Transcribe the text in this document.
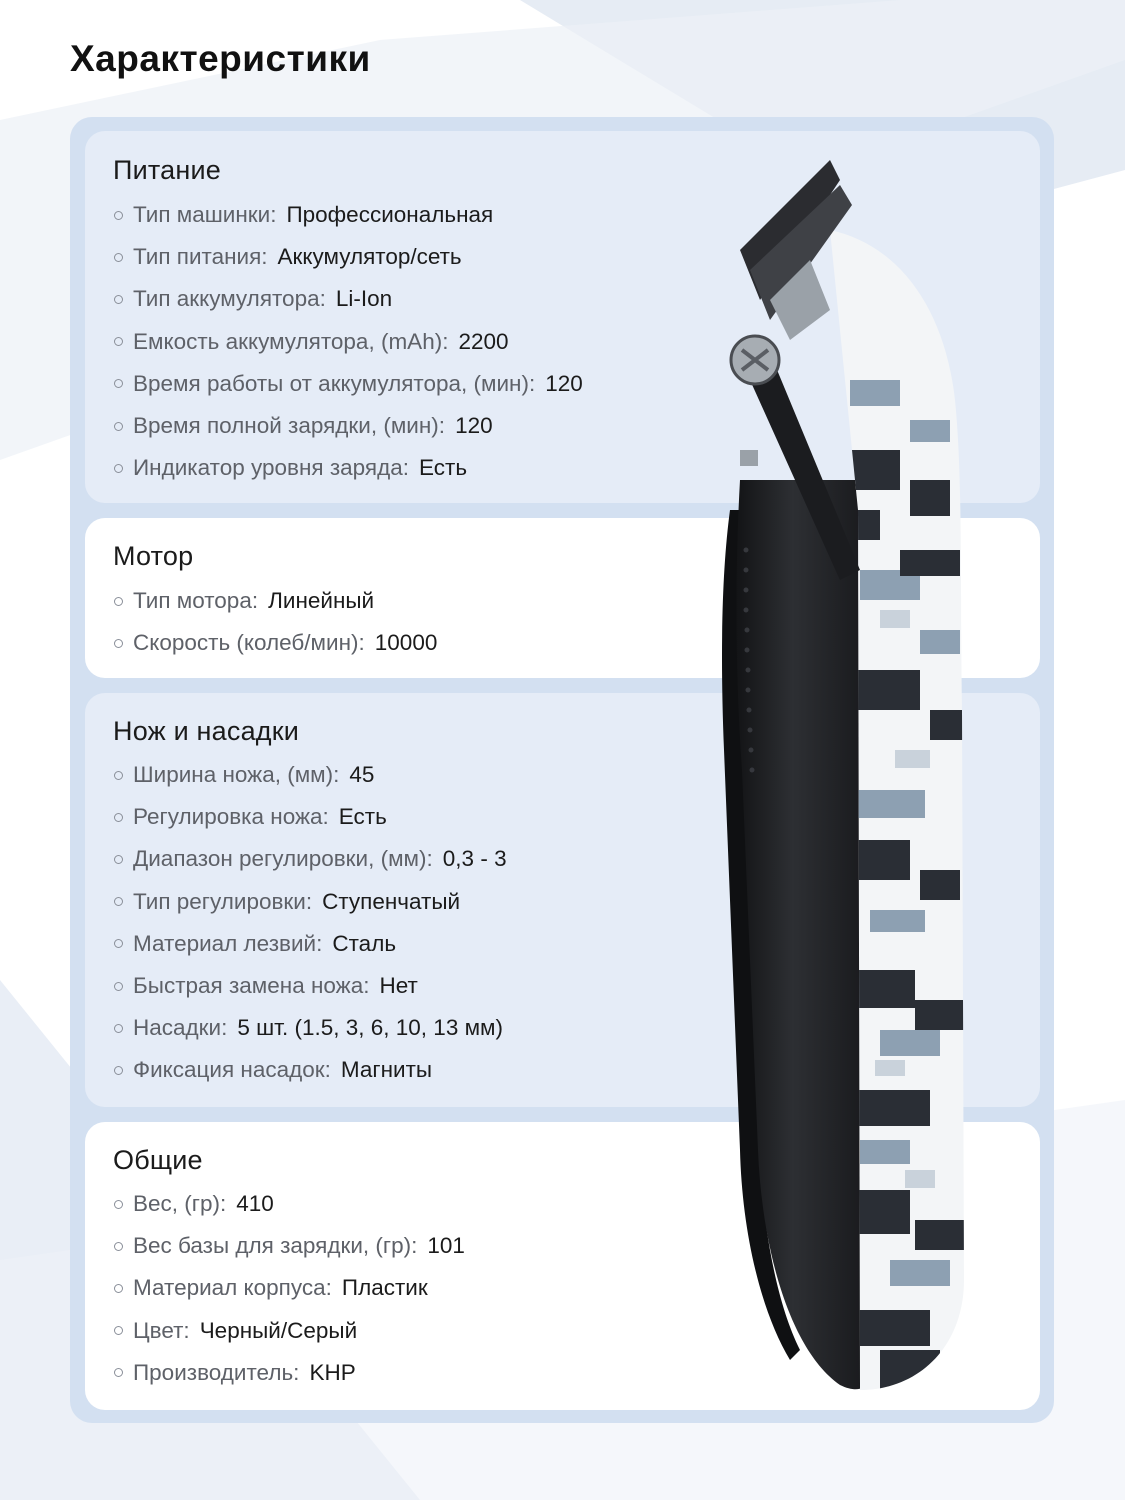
Характеристики
Питание
Тип машинки : Профессиональная
Тип питания : Аккумулятор/сеть
Тип аккумулятора : Li-Ion
Емкость аккумулятора, (mAh) : 2200
Время работы от аккумулятора, (мин) : 120
Время полной зарядки, (мин) : 120
Индикатор уровня заряда : Есть
Мотор
Тип мотора : Линейный
Скорость (колеб/мин) : 10000
Нож и насадки
Ширина ножа, (мм) : 45
Регулировка ножа : Есть
Диапазон регулировки, (мм) : 0,3 - 3
Тип регулировки : Ступенчатый
Материал лезвий : Сталь
Быстрая замена ножа : Нет
Насадки : 5 шт. (1.5, 3, 6, 10, 13 мм)
Фиксация насадок : Магниты
Общие
Вес, (гр) : 410
Вес базы для зарядки, (гр) : 101
Материал корпуса : Пластик
Цвет : Черный/Серый
Производитель : KHP
